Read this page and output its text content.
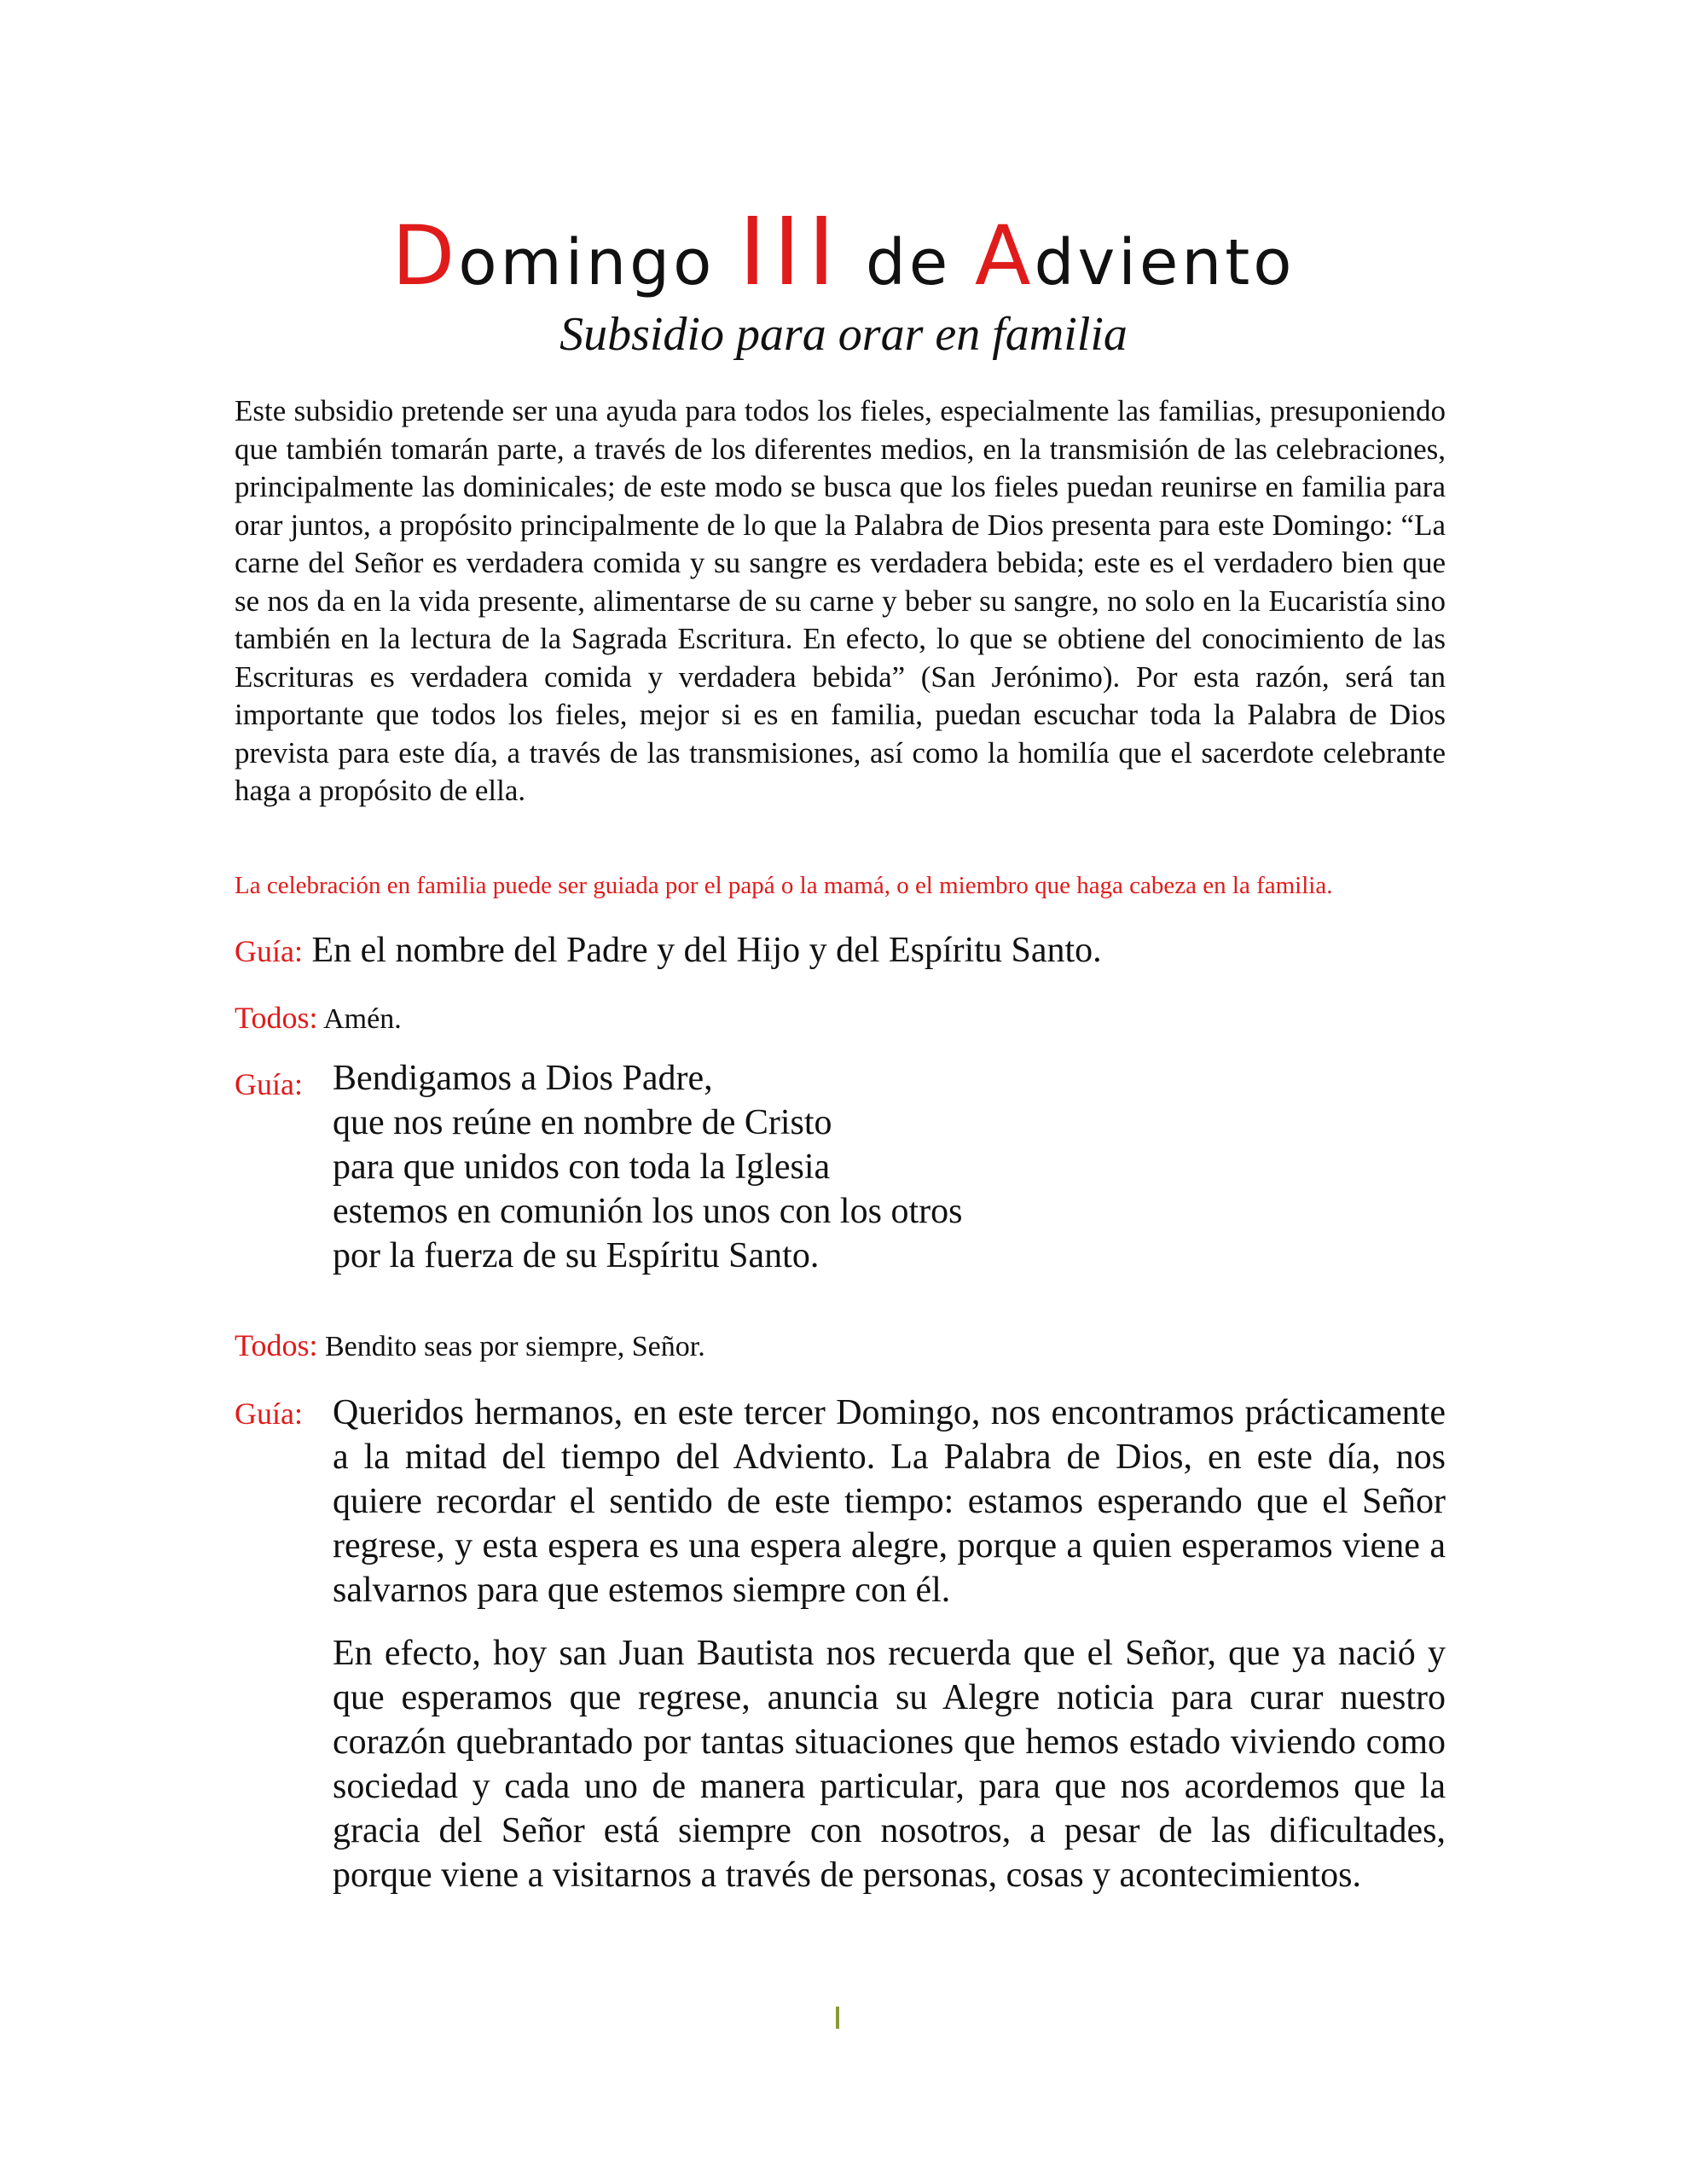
Domingo III de Adviento
Subsidio para orar en familia
Este subsidio pretende ser una ayuda para todos los fieles, especialmente las familias, presuponiendo que también tomarán parte, a través de los diferentes medios, en la transmisión de las celebraciones, principalmente las dominicales; de este modo se busca que los fieles puedan reunirse en familia para orar juntos, a propósito principalmente de lo que la Palabra de Dios presenta para este Domingo: “La carne del Señor es verdadera comida y su sangre es verdadera bebida; este es el verdadero bien que se nos da en la vida presente, alimentarse de su carne y beber su sangre, no solo en la Eucaristía sino también en la lectura de la Sagrada Escritura. En efecto, lo que se obtiene del conocimiento de las Escrituras es verdadera comida y verdadera bebida” (San Jerónimo). Por esta razón, será tan importante que todos los fieles, mejor si es en familia, puedan escuchar toda la Palabra de Dios prevista para este día, a través de las transmisiones, así como la homilía que el sacerdote celebrante haga a propósito de ella.
La celebración en familia puede ser guiada por el papá o la mamá, o el miembro que haga cabeza en la familia.
Guía: En el nombre del Padre y del Hijo y del Espíritu Santo.
Todos: Amén.
Guía: Bendigamos a Dios Padre,
que nos reúne en nombre de Cristo
para que unidos con toda la Iglesia
estemos en comunión los unos con los otros
por la fuerza de su Espíritu Santo.
Todos: Bendito seas por siempre, Señor.
Guía: Queridos hermanos, en este tercer Domingo, nos encontramos prácticamente a la mitad del tiempo del Adviento. La Palabra de Dios, en este día, nos quiere recordar el sentido de este tiempo: estamos esperando que el Señor regrese, y esta espera es una espera alegre, porque a quien esperamos viene a salvarnos para que estemos siempre con él.

En efecto, hoy san Juan Bautista nos recuerda que el Señor, que ya nació y que esperamos que regrese, anuncia su Alegre noticia para curar nuestro corazón quebrantado por tantas situaciones que hemos estado viviendo como sociedad y cada uno de manera particular, para que nos acordemos que la gracia del Señor está siempre con nosotros, a pesar de las dificultades, porque viene a visitarnos a través de personas, cosas y acontecimientos.
